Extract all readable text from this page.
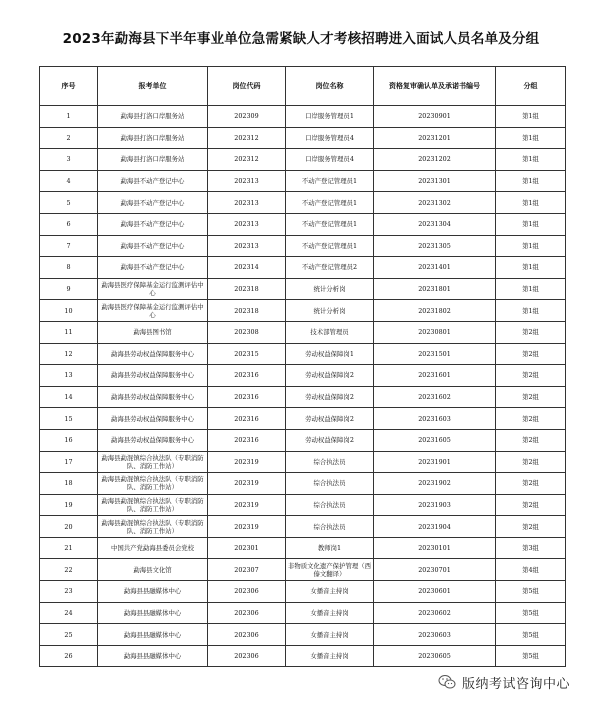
2023年勐海县下半年事业单位急需紧缺人才考核招聘进入面试人员名单及分组
序号	报考单位	岗位代码	岗位名称	资格复审确认单及承诺书编号	分组
1	勐海县打洛口岸服务站	202309	口岸服务管理员1	20230901	第1组
2	勐海县打洛口岸服务站	202312	口岸服务管理员4	20231201	第1组
3	勐海县打洛口岸服务站	202312	口岸服务管理员4	20231202	第1组
4	勐海县不动产登记中心	202313	不动产登记管理员1	20231301	第1组
5	勐海县不动产登记中心	202313	不动产登记管理员1	20231302	第1组
6	勐海县不动产登记中心	202313	不动产登记管理员1	20231304	第1组
7	勐海县不动产登记中心	202313	不动产登记管理员1	20231305	第1组
8	勐海县不动产登记中心	202314	不动产登记管理员2	20231401	第1组
9	勐海县医疗保障基金运行监测评估中心	202318	统计分析岗	20231801	第1组
10	勐海县医疗保障基金运行监测评估中心	202318	统计分析岗	20231802	第1组
11	勐海县图书馆	202308	技术部管理员	20230801	第2组
12	勐海县劳动权益保障服务中心	202315	劳动权益保障岗1	20231501	第2组
13	勐海县劳动权益保障服务中心	202316	劳动权益保障岗2	20231601	第2组
14	勐海县劳动权益保障服务中心	202316	劳动权益保障岗2	20231602	第2组
15	勐海县劳动权益保障服务中心	202316	劳动权益保障岗2	20231603	第2组
16	勐海县劳动权益保障服务中心	202316	劳动权益保障岗2	20231605	第2组
17	勐海县勐混镇综合执法队（专职消防队、消防工作站）	202319	综合执法员	20231901	第2组
18	勐海县勐混镇综合执法队（专职消防队、消防工作站）	202319	综合执法员	20231902	第2组
19	勐海县勐混镇综合执法队（专职消防队、消防工作站）	202319	综合执法员	20231903	第2组
20	勐海县勐混镇综合执法队（专职消防队、消防工作站）	202319	综合执法员	20231904	第2组
21	中国共产党勐海县委员会党校	202301	教师岗1	20230101	第3组
22	勐海县文化馆	202307	非物质文化遗产保护管理（西傣文翻译）	20230701	第4组
23	勐海县县融媒体中心	202306	女播音主持岗	20230601	第5组
24	勐海县县融媒体中心	202306	女播音主持岗	20230602	第5组
25	勐海县县融媒体中心	202306	女播音主持岗	20230603	第5组
26	勐海县县融媒体中心	202306	女播音主持岗	20230605	第5组
版纳考试咨询中心
